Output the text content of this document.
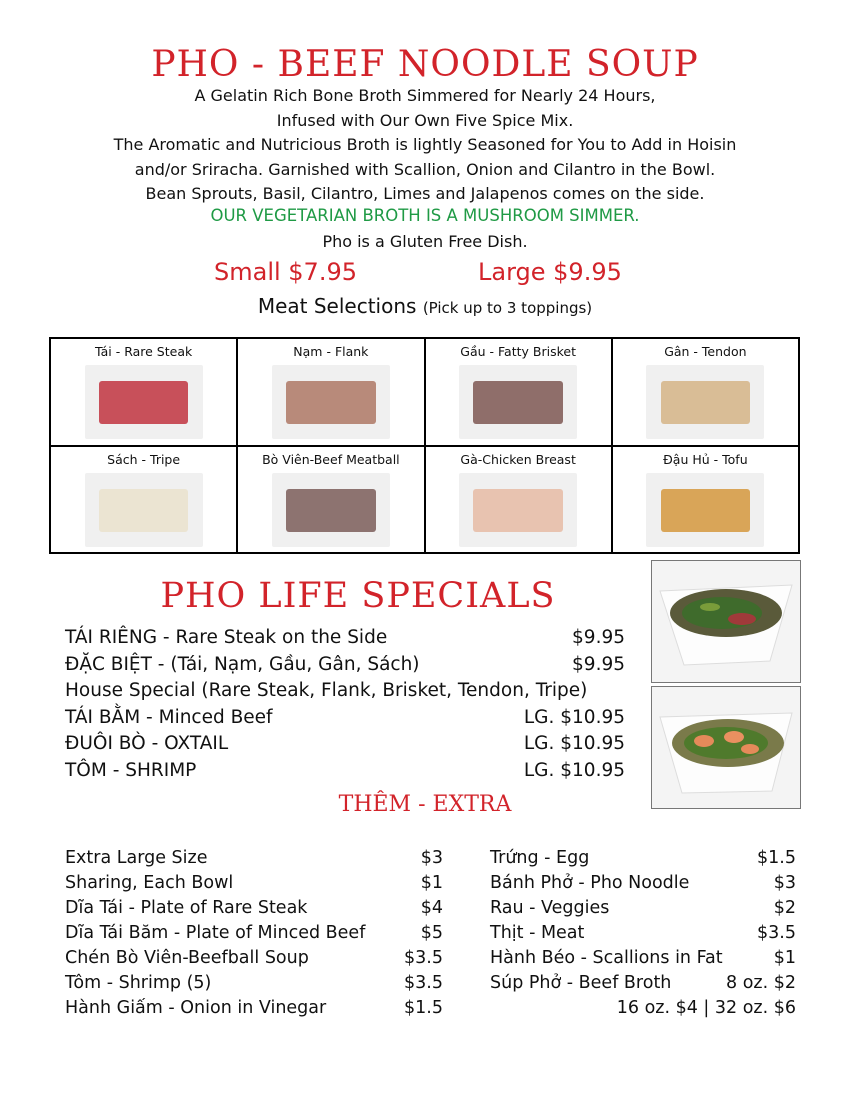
PHO - BEEF NOODLE SOUP
A Gelatin Rich Bone Broth Simmered for Nearly 24 Hours,
Infused with Our Own Five Spice Mix.
The Aromatic and Nutricious Broth is lightly Seasoned for You to Add in Hoisin
and/or Sriracha. Garnished with Scallion, Onion and Cilantro in the Bowl.
Bean Sprouts, Basil, Cilantro, Limes and Jalapenos comes on the side.
OUR VEGETARIAN BROTH IS A MUSHROOM SIMMER.
Pho is a Gluten Free Dish.
Small $7.95	Large $9.95
Meat Selections (Pick up to 3 toppings)
Tái - Rare Steak	Nạm - Flank	Gầu - Fatty Brisket	Gân - Tendon

Sách - Tripe	Bò Viên-Beef Meatball	Gà-Chicken Breast	Đậu Hủ - Tofu
PHO LIFE SPECIALS
TÁI RIÊNG - Rare Steak on the Side	$9.95
ĐẶC BIỆT - (Tái, Nạm, Gầu, Gân, Sách)	$9.95
House Special (Rare Steak, Flank, Brisket, Tendon, Tripe)
TÁI BẰM - Minced Beef	LG. $10.95
ĐUÔI BÒ - OXTAIL	LG. $10.95
TÔM - SHRIMP	LG. $10.95
THÊM - EXTRA
Extra Large Size	$3
Sharing, Each Bowl	$1
Dĩa Tái - Plate of Rare Steak	$4
Dĩa Tái Băm - Plate of Minced Beef	$5
Chén Bò Viên-Beefball Soup	$3.5
Tôm - Shrimp (5)	$3.5
Hành Giấm - Onion in Vinegar	$1.5
Trứng - Egg	$1.5
Bánh Phở - Pho Noodle	$3
Rau - Veggies	$2
Thịt - Meat	$3.5
Hành Béo - Scallions in Fat	$1
Súp Phở - Beef Broth	8 oz. $2
16 oz. $4 | 32 oz. $6
